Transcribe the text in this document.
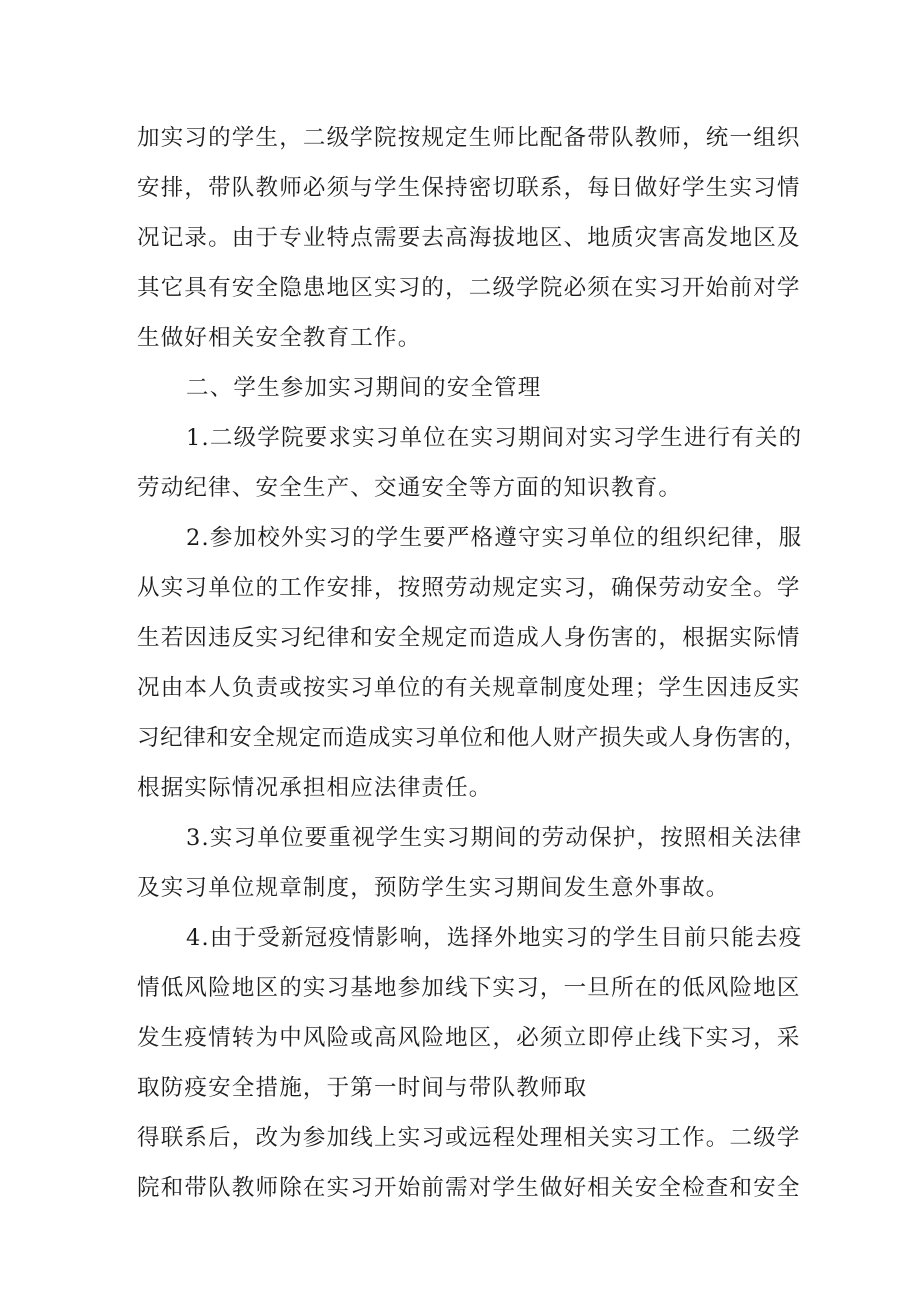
加实习的学生，二级学院按规定生师比配备带队教师，统一组织
安排，带队教师必须与学生保持密切联系，每日做好学生实习情
况记录。由于专业特点需要去高海拔地区、地质灾害高发地区及
其它具有安全隐患地区实习的，二级学院必须在实习开始前对学
生做好相关安全教育工作。
二、学生参加实习期间的安全管理
1.二级学院要求实习单位在实习期间对实习学生进行有关的
劳动纪律、安全生产、交通安全等方面的知识教育。
2.参加校外实习的学生要严格遵守实习单位的组织纪律，服
从实习单位的工作安排，按照劳动规定实习，确保劳动安全。学
生若因违反实习纪律和安全规定而造成人身伤害的，根据实际情
况由本人负责或按实习单位的有关规章制度处理；学生因违反实
习纪律和安全规定而造成实习单位和他人财产损失或人身伤害的，
根据实际情况承担相应法律责任。
3.实习单位要重视学生实习期间的劳动保护，按照相关法律
及实习单位规章制度，预防学生实习期间发生意外事故。
4.由于受新冠疫情影响，选择外地实习的学生目前只能去疫
情低风险地区的实习基地参加线下实习，一旦所在的低风险地区
发生疫情转为中风险或高风险地区，必须立即停止线下实习，采
取防疫安全措施，于第一时间与带队教师取
得联系后，改为参加线上实习或远程处理相关实习工作。二级学
院和带队教师除在实习开始前需对学生做好相关安全检查和安全
